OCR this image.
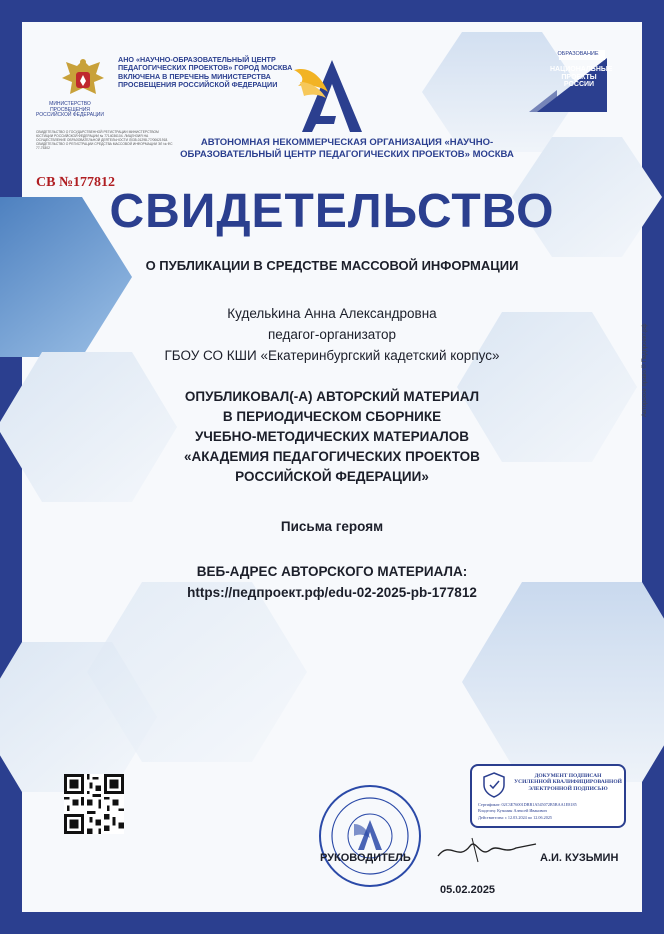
АНО «НАУЧНО-ОБРАЗОВАТЕЛЬНЫЙ ЦЕНТР ПЕДАГОГИЧЕСКИХ ПРОЕКТОВ» ГОРОД МОСКВА ВКЛЮЧЕНА В ПЕРЕЧЕНЬ МИНИСТЕРСТВА ПРОСВЕЩЕНИЯ РОССИЙСКОЙ ФЕДЕРАЦИИ
МИНИСТЕРСТВО ПРОСВЕЩЕНИЯ РОССИЙСКОЙ ФЕДЕРАЦИИ
СВИДЕТЕЛЬСТВО О ГОСУДАРСТВЕННОЙ РЕГИСТРАЦИИ МИНИСТЕРСТВОМ ЮСТИЦИИ РОССИЙСКОЙ ФЕДЕРАЦИИ № 7714036104. ЛИЦЕНЗИЯ НА ОСУЩЕСТВЛЕНИЕ ОБРАЗОВАТЕЛЬНОЙ ДЕЯТЕЛЬНОСТИ Л035-01298-77/00621918. СВИДЕТЕЛЬСТВО О РЕГИСТРАЦИИ СРЕДСТВА МАССОВОЙ ИНФОРМАЦИИ ЭЛ № ФС 77-75302
ОБРАЗОВАНИЕ
НАЦИОНАЛЬНЫЕ ПРОЕКТЫ РОССИИ
АВТОНОМНАЯ НЕКОММЕРЧЕСКАЯ ОРГАНИЗАЦИЯ «НАУЧНО-ОБРАЗОВАТЕЛЬНЫЙ ЦЕНТР ПЕДАГОГИЧЕСКИХ ПРОЕКТОВ» МОСКВА
СВ №177812
СВИДЕТЕЛЬСТВО
О ПУБЛИКАЦИИ В СРЕДСТВЕ МАССОВОЙ ИНФОРМАЦИИ
Кудельkина Анна Александровна
педагог-организатор
ГБОУ СО КШИ «Екатеринбургский кадетский корпус»
ОПУБЛИКОВАЛ(-А) АВТОРСКИЙ МАТЕРИАЛ
В ПЕРИОДИЧЕСКОМ СБОРНИКЕ
УЧЕБНО-МЕТОДИЧЕСКИХ МАТЕРИАЛОВ
«АКАДЕМИЯ ПЕДАГОГИЧЕСКИХ ПРОЕКТОВ
РОССИЙСКОЙ ФЕДЕРАЦИИ»
Письма героям
ВЕБ-АДРЕС АВТОРСКОГО МАТЕРИАЛА:
https://педпроект.рф/edu-02-2025-pb-177812
Авторское право © Педпроект.рф
РУКОВОДИТЕЛЬ	А.И. КУЗЬМИН
05.02.2025
ДОКУМЕНТ ПОДПИСАН
УСИЛЕННОЙ КВАЛИФИЦИРОВАННОЙ
ЭЛЕКТРОННОЙ ПОДПИСЬЮ
Сертификат: 02C3E76001DBB1A545072B5BAA1E8185
Владелец: Кузьмин Алексей Иванович
Действителен: с 12.03.2024 по 12.06.2025
